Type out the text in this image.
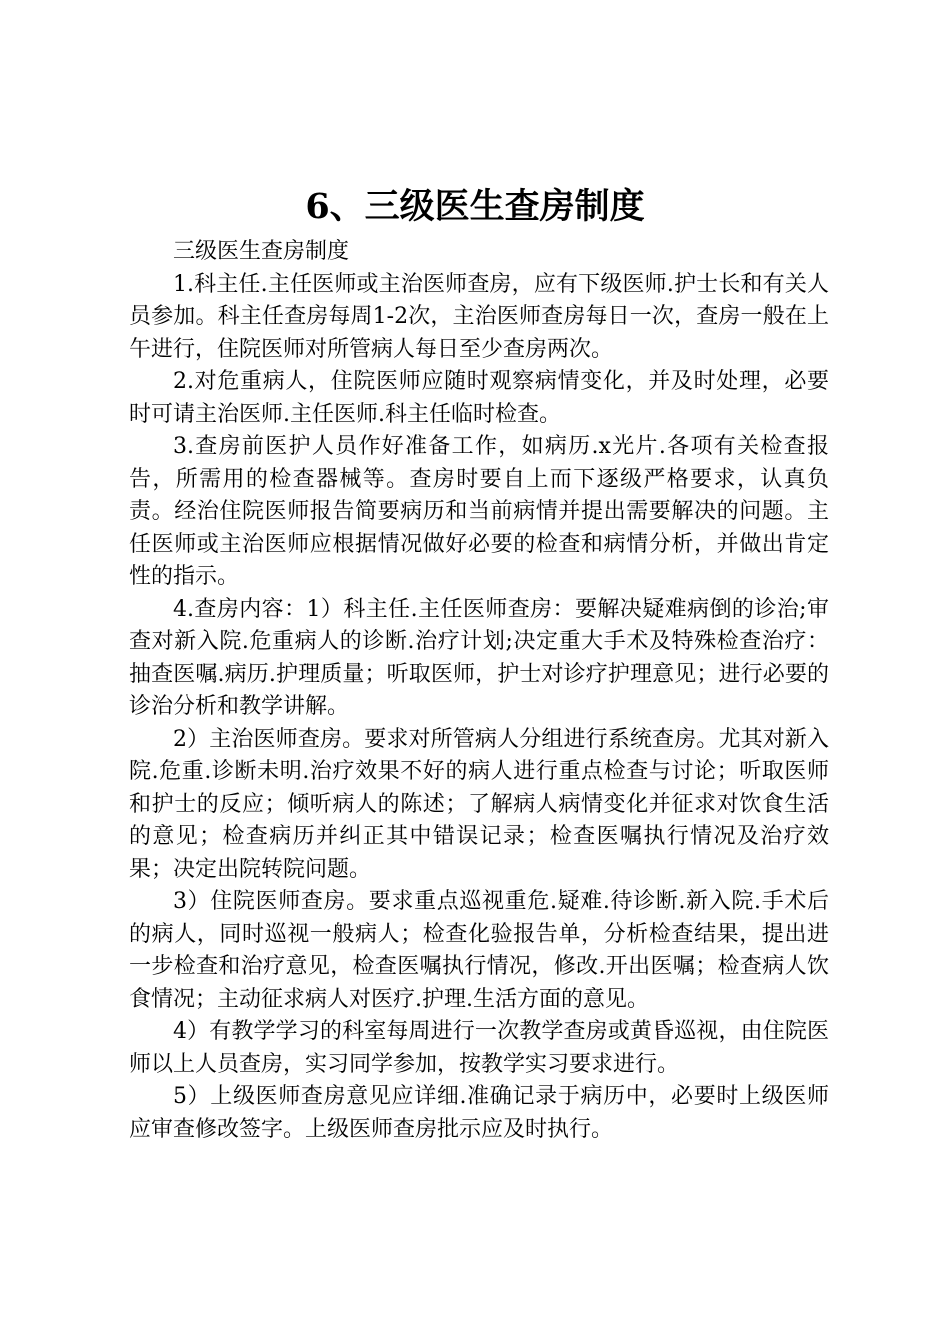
6、三级医生查房制度

三级医生查房制度

1.科主任.主任医师或主治医师查房，应有下级医师.护士长和有关人员参加。科主任查房每周1-2次，主治医师查房每日一次，查房一般在上午进行，住院医师对所管病人每日至少查房两次。

2.对危重病人，住院医师应随时观察病情变化，并及时处理，必要时可请主治医师.主任医师.科主任临时检查。

3.查房前医护人员作好准备工作，如病历.x光片.各项有关检查报告，所需用的检查器械等。查房时要自上而下逐级严格要求，认真负责。经治住院医师报告简要病历和当前病情并提出需要解决的问题。主任医师或主治医师应根据情况做好必要的检查和病情分析，并做出肯定性的指示。

4.查房内容：1）科主任.主任医师查房：要解决疑难病倒的诊治;审查对新入院.危重病人的诊断.治疗计划;决定重大手术及特殊检查治疗：抽查医嘱.病历.护理质量；听取医师，护士对诊疗护理意见；进行必要的诊治分析和教学讲解。

2）主治医师查房。要求对所管病人分组进行系统查房。尤其对新入院.危重.诊断未明.治疗效果不好的病人进行重点检查与讨论；听取医师和护士的反应；倾听病人的陈述；了解病人病情变化并征求对饮食生活的意见；检查病历并纠正其中错误记录；检查医嘱执行情况及治疗效果；决定出院转院问题。

3）住院医师查房。要求重点巡视重危.疑难.待诊断.新入院.手术后的病人，同时巡视一般病人；检查化验报告单，分析检查结果，提出进一步检查和治疗意见，检查医嘱执行情况，修改.开出医嘱；检查病人饮食情况；主动征求病人对医疗.护理.生活方面的意见。

4）有教学学习的科室每周进行一次教学查房或黄昏巡视，由住院医师以上人员查房，实习同学参加，按教学实习要求进行。

5）上级医师查房意见应详细.准确记录于病历中，必要时上级医师应审查修改签字。上级医师查房批示应及时执行。
